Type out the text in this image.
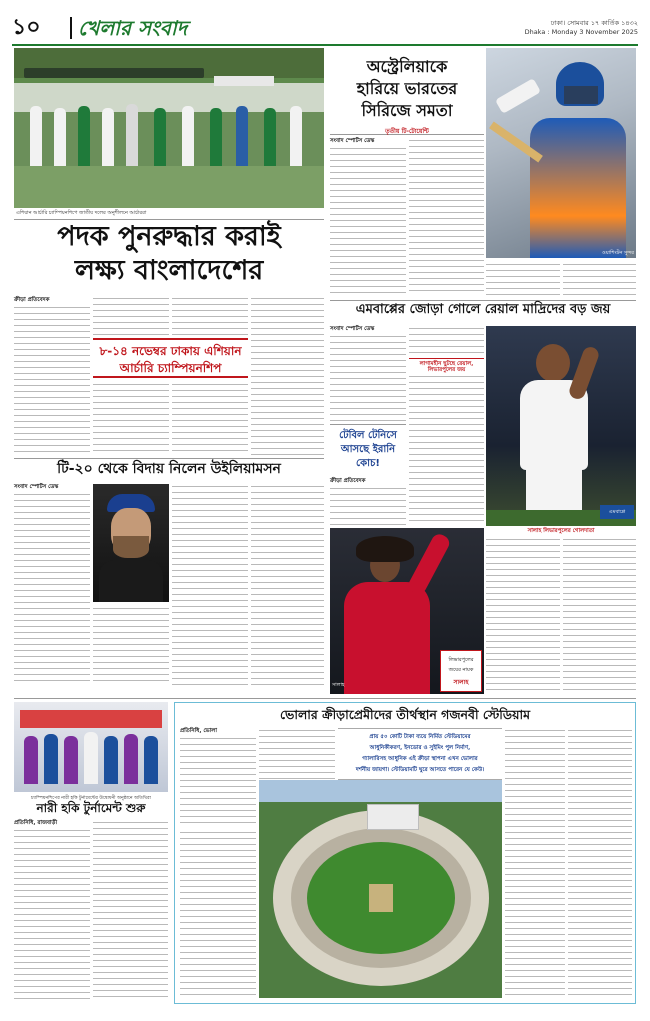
১০	খেলার সংবাদ	ঢাকা। সোমবার ১৭ কার্তিক ১৪৩২
Dhaka : Monday 3 November 2025
এশিয়ান আর্চারি চ্যাম্পিয়নশিপে জাতীয় দলের অনুশীলনে আর্চাররা
পদক পুনরুদ্ধার করাই
লক্ষ্য বাংলাদেশের
ক্রীড়া প্রতিবেদক
৮-১৪ নভেম্বর ঢাকায় এশিয়ান
আর্চারি চ্যাম্পিয়নশিপ
অস্ট্রেলিয়াকে
হারিয়ে ভারতের
সিরিজে সমতা
ওয়াশিংটন সুন্দর
তৃতীয় টি-টোয়েন্টি
সংবাদ স্পোর্টস ডেস্ক
এমবাপ্পের জোড়া গোলে রেয়াল মাদ্রিদের বড় জয়
সংবাদ স্পোর্টস ডেস্ক
লাগামহীন ছুটছে রেয়াল, লিভারপুলের জয়
এমবাপ্পে
সালাহ লিভারপুলের গোলদাতা
টেবিল টেনিসে
আসছে ইরানি
কোচ!
ক্রীড়া প্রতিবেদক
লিভারপুলের
জয়ের নায়ক
সালাহ
সালাহ
টি-২০ থেকে বিদায় নিলেন উইলিয়ামসন
সংবাদ স্পোর্টস ডেস্ক
চ্যাম্পিয়নশিপের নারী হকি টুর্নামেন্টের উদ্বোধনী অনুষ্ঠানে অতিথিরা
নারী হকি টুর্নামেন্ট শুরু
প্রতিনিধি, রাজবাড়ী
ভোলার ক্রীড়াপ্রেমীদের তীর্থস্থান গজনবী স্টেডিয়াম
প্রতিনিধি, ভোলা
প্রায় ৫০ কোটি টাকা ব্যয়ে নির্মিত স্টেডিয়ামের
আধুনিকীকরণ, ইনডোর ও সুইমিং পুল নির্মাণ,
গ্যালারিসহ আধুনিক এই ক্রীড়া স্থাপনা এখন ভোলার
দর্শনীয় জায়গা। স্টেডিয়ামটি ঘুরে আসতে পারেন যে কেউ।
